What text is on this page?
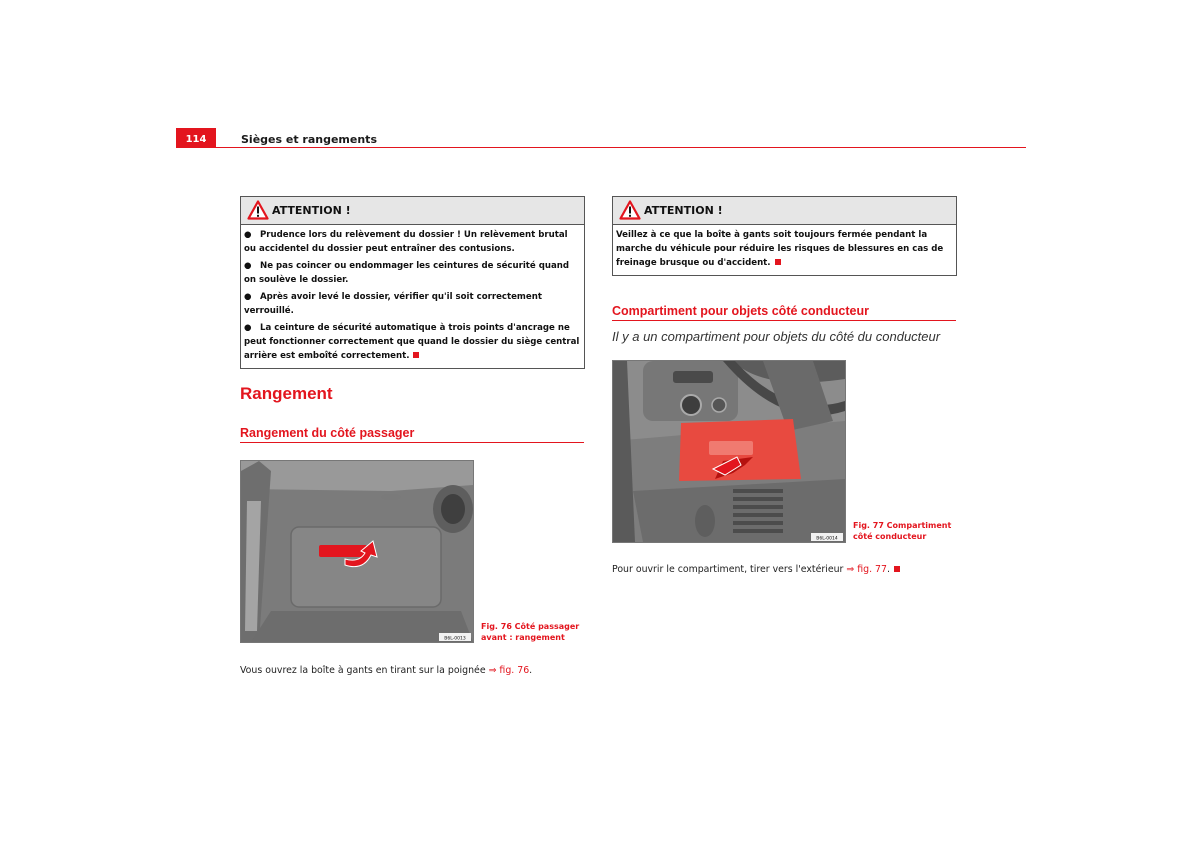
114	Sièges et rangements
ATTENTION !

● Prudence lors du relèvement du dossier ! Un relèvement brutal ou accidentel du dossier peut entraîner des contusions.

● Ne pas coincer ou endommager les ceintures de sécurité quand on soulève le dossier.

● Après avoir levé le dossier, vérifier qu'il soit correctement verrouillé.

● La ceinture de sécurité automatique à trois points d'ancrage ne peut fonctionner correctement que quand le dossier du siège central arrière est emboîté correctement.

Rangement
Rangement du côté passager
B6L-0013
Fig. 76 Côté passager
avant : rangement
Vous ouvrez la boîte à gants en tirant sur la poignée ⇒ fig. 76.
ATTENTION !

Veillez à ce que la boîte à gants soit toujours fermée pendant la marche du véhicule pour réduire les risques de blessures en cas de freinage brusque ou d'accident.

Compartiment pour objets côté conducteur
Il y a un compartiment pour objets du côté du conducteur
B6L-0014
Fig. 77 Compartiment
côté conducteur
Pour ouvrir le compartiment, tirer vers l'extérieur ⇒ fig. 77.
